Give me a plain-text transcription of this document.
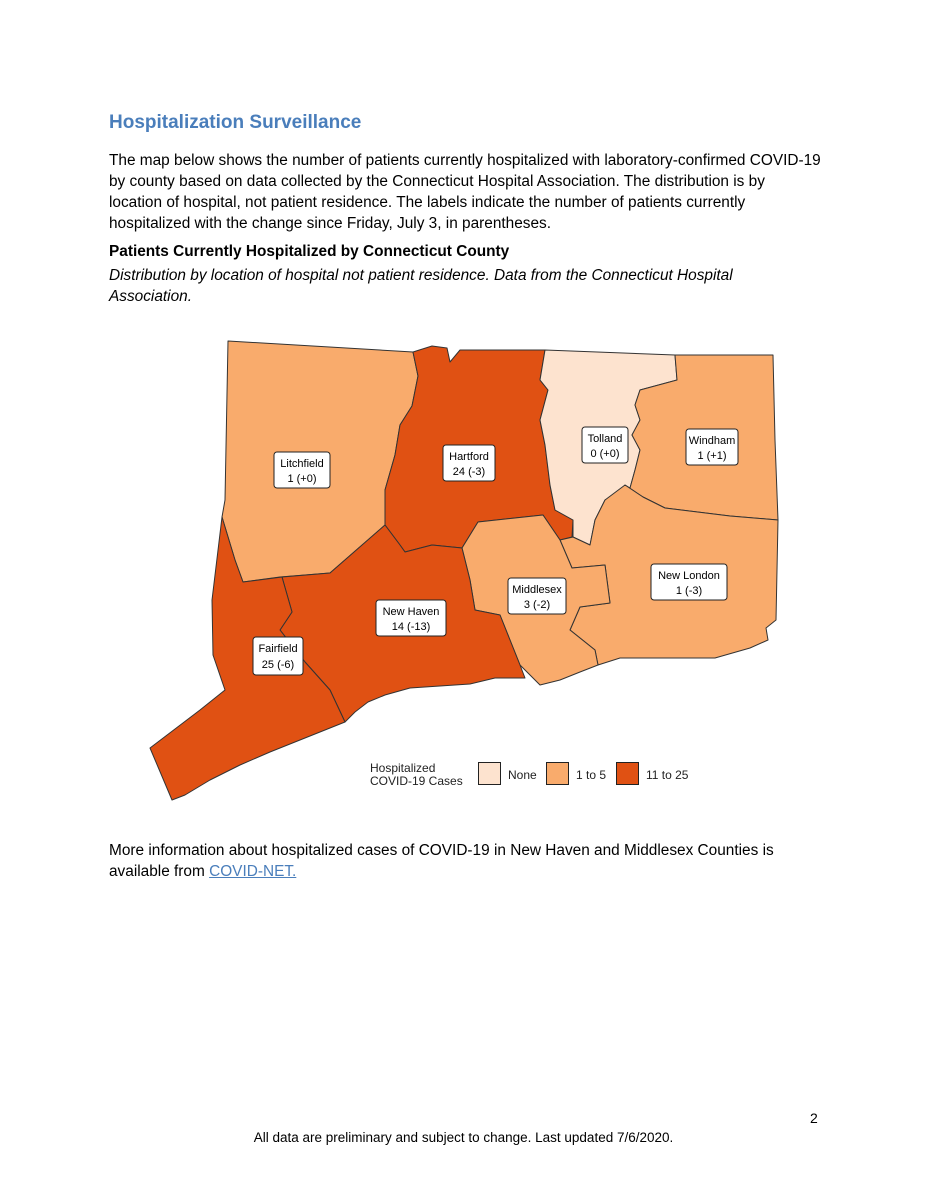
Hospitalization Surveillance

The map below shows the number of patients currently hospitalized with laboratory-confirmed COVID-19 by county based on data collected by the Connecticut Hospital Association. The distribution is by location of hospital, not patient residence. The labels indicate the number of patients currently hospitalized with the change since Friday, July 3, in parentheses.

Patients Currently Hospitalized by Connecticut County

Distribution by location of hospital not patient residence. Data from the Connecticut Hospital Association.

Litchfield
1 (+0)
Hartford
24 (-3)
Tolland
0 (+0)
Windham
1 (+1)
Fairfield
25 (-6)
New Haven
14 (-13)
Middlesex
3 (-2)
New London
1 (-3)
Hospitalized
COVID-19 Cases	None	1 to 5	11 to 25

More information about hospitalized cases of COVID-19 in New Haven and Middlesex Counties is available from COVID-NET.

2
All data are preliminary and subject to change. Last updated 7/6/2020.
